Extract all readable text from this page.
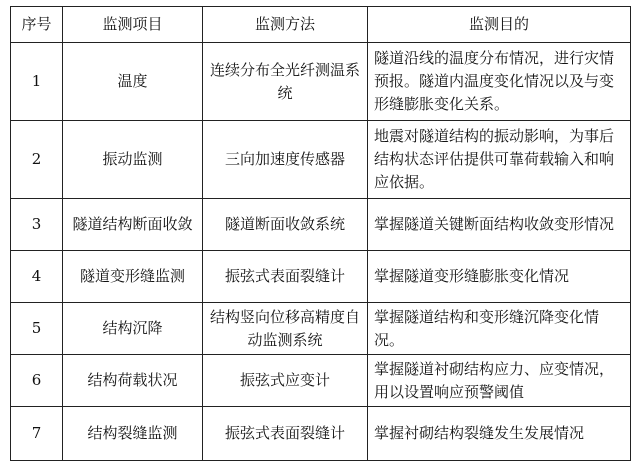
序号	监测项目	监测方法	监测目的
1	温度	连续分布全光纤测温系统	隧道沿线的温度分布情况，进行灾情预报。隧道内温度变化情况以及与变形缝膨胀变化关系。
2	振动监测	三向加速度传感器	地震对隧道结构的振动影响，为事后结构状态评估提供可靠荷载输入和响应依据。
3	隧道结构断面收敛	隧道断面收敛系统	掌握隧道关键断面结构收敛变形情况
4	隧道变形缝监测	振弦式表面裂缝计	掌握隧道变形缝膨胀变化情况
5	结构沉降	结构竖向位移高精度自动监测系统	掌握隧道结构和变形缝沉降变化情况。
6	结构荷载状况	振弦式应变计	掌握隧道衬砌结构应力、应变情况，用以设置响应预警阈值
7	结构裂缝监测	振弦式表面裂缝计	掌握衬砌结构裂缝发生发展情况
